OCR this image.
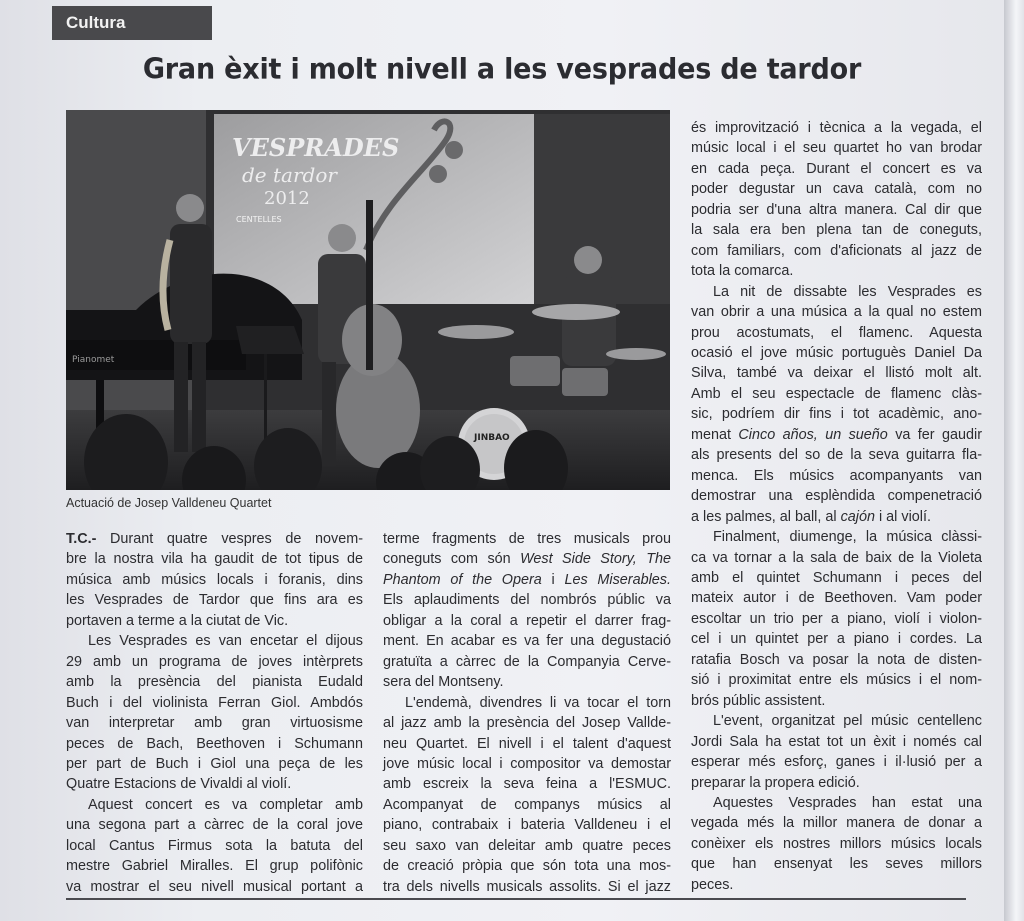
Cultura
Gran èxit i molt nivell a les vesprades de tardor
VESPRADES
de tardor
2012
CENTELLES
Pianomet
JINBAO
Actuació de Josep Valldeneu Quartet
T.C.- Durant quatre vespres de novem-
bre la nostra vila ha gaudit de tot tipus de
música amb músics locals i foranis, dins
les Vesprades de Tardor que fins ara es
portaven a terme a la ciutat de Vic.
Les Vesprades es van encetar el dijous
29 amb un programa de joves intèrprets
amb la presència del pianista Eudald
Buch i del violinista Ferran Giol. Ambdós
van interpretar amb gran virtuosisme
peces de Bach, Beethoven i Schumann
per part de Buch i Giol una peça de les
Quatre Estacions de Vivaldi al violí.
Aquest concert es va completar amb
una segona part a càrrec de la coral jove
local Cantus Firmus sota la batuta del
mestre Gabriel Miralles. El grup polifònic
va mostrar el seu nivell musical portant a
terme fragments de tres musicals prou
coneguts com són West Side Story, The
Phantom of the Opera i Les Miserables.
Els aplaudiments del nombrós públic va
obligar a la coral a repetir el darrer frag-
ment. En acabar es va fer una degustació
gratuïta a càrrec de la Companyia Cerve-
sera del Montseny.
L'endemà, divendres li va tocar el torn
al jazz amb la presència del Josep Vallde-
neu Quartet. El nivell i el talent d'aquest
jove músic local i compositor va demostar
amb escreix la seva feina a l'ESMUC.
Acompanyat de companys músics al
piano, contrabaix i bateria Valldeneu i el
seu saxo van deleitar amb quatre peces
de creació pròpia que són tota una mos-
tra dels nivells musicals assolits. Si el jazz
és improvització i tècnica a la vegada, el
músic local i el seu quartet ho van brodar
en cada peça. Durant el concert es va
poder degustar un cava català, com no
podria ser d'una altra manera. Cal dir que
la sala era ben plena tan de coneguts,
com familiars, com d'aficionats al jazz de
tota la comarca.
La nit de dissabte les Vesprades es
van obrir a una música a la qual no estem
prou acostumats, el flamenc. Aquesta
ocasió el jove músic portuguès Daniel Da
Silva, també va deixar el llistó molt alt.
Amb el seu espectacle de flamenc clàs-
sic, podríem dir fins i tot acadèmic, ano-
menat Cinco años, un sueño va fer gaudir
als presents del so de la seva guitarra fla-
menca. Els músics acompanyants van
demostrar una esplèndida compenetració
a les palmes, al ball, al cajón i al violí.
Finalment, diumenge, la música clàssi-
ca va tornar a la sala de baix de la Violeta
amb el quintet Schumann i peces del
mateix autor i de Beethoven. Vam poder
escoltar un trio per a piano, violí i violon-
cel i un quintet per a piano i cordes. La
ratafia Bosch va posar la nota de disten-
sió i proximitat entre els músics i el nom-
brós públic assistent.
L'event, organitzat pel músic centellenc
Jordi Sala ha estat tot un èxit i només cal
esperar més esforç, ganes i il·lusió per a
preparar la propera edició.
Aquestes Vesprades han estat una
vegada més la millor manera de donar a
conèixer els nostres millors músics locals
que han ensenyat les seves millors
peces.
